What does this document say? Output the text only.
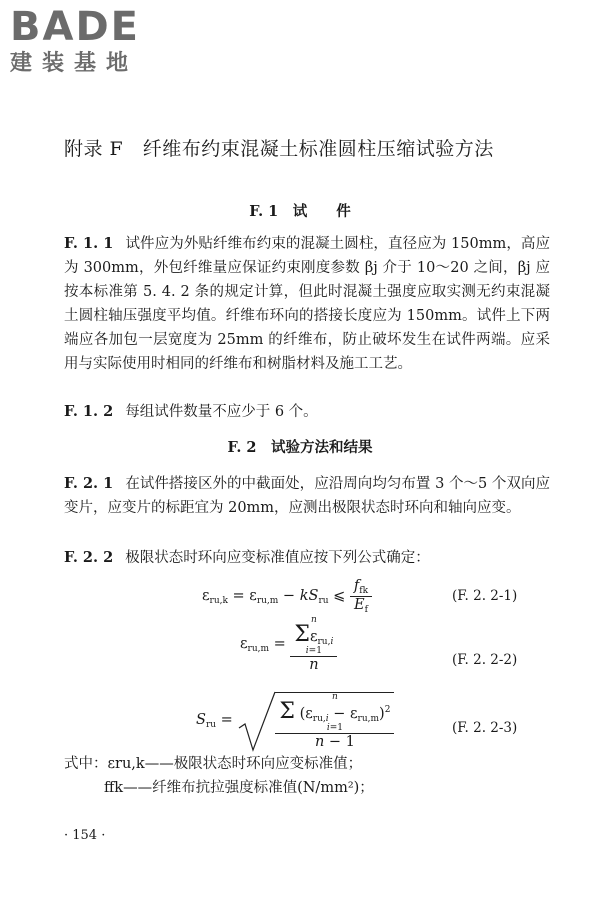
BADE
建装基地
附录 F　纤维布约束混凝土标准圆柱压缩试验方法
F. 1　试　　件
F. 1. 1 试件应为外贴纤维布约束的混凝土圆柱，直径应为 150mm，高应为 300mm，外包纤维量应保证约束刚度参数 βj 介于 10～20 之间，βj 应按本标准第 5. 4. 2 条的规定计算，但此时混凝土强度应取实测无约束混凝土圆柱轴压强度平均值。纤维布环向的搭接长度应为 150mm。试件上下两端应各加包一层宽度为 25mm 的纤维布，防止破坏发生在试件两端。应采用与实际使用时相同的纤维布和树脂材料及施工工艺。
F. 1. 2 每组试件数量不应少于 6 个。
F. 2　试验方法和结果
F. 2. 1 在试件搭接区外的中截面处，应沿周向均匀布置 3 个～5 个双向应变片，应变片的标距宜为 20mm，应测出极限状态时环向和轴向应变。
F. 2. 2 极限状态时环向应变标准值应按下列公式确定：
$\varepsilon_{ru,k} = \varepsilon_{ru,m} - kS_{ru}$ ⩽ $\frac{f_{fk}}{E_f}$	(F. 2. 2-1)
$\varepsilon_{ru,m} = n$
$\Sigma\varepsilon_{ru,i}$
i=1
n	(F. 2. 2-2)
$S_{ru}$ =	n
Σ $(\varepsilon_{ru,i} - \varepsilon_{ru,m})^2$
i=1
n − 1	(F. 2. 2-3)
式中：εru,k——极限状态时环向应变标准值；
ffk——纤维布抗拉强度标准值(N/mm²)；
· 154 ·
